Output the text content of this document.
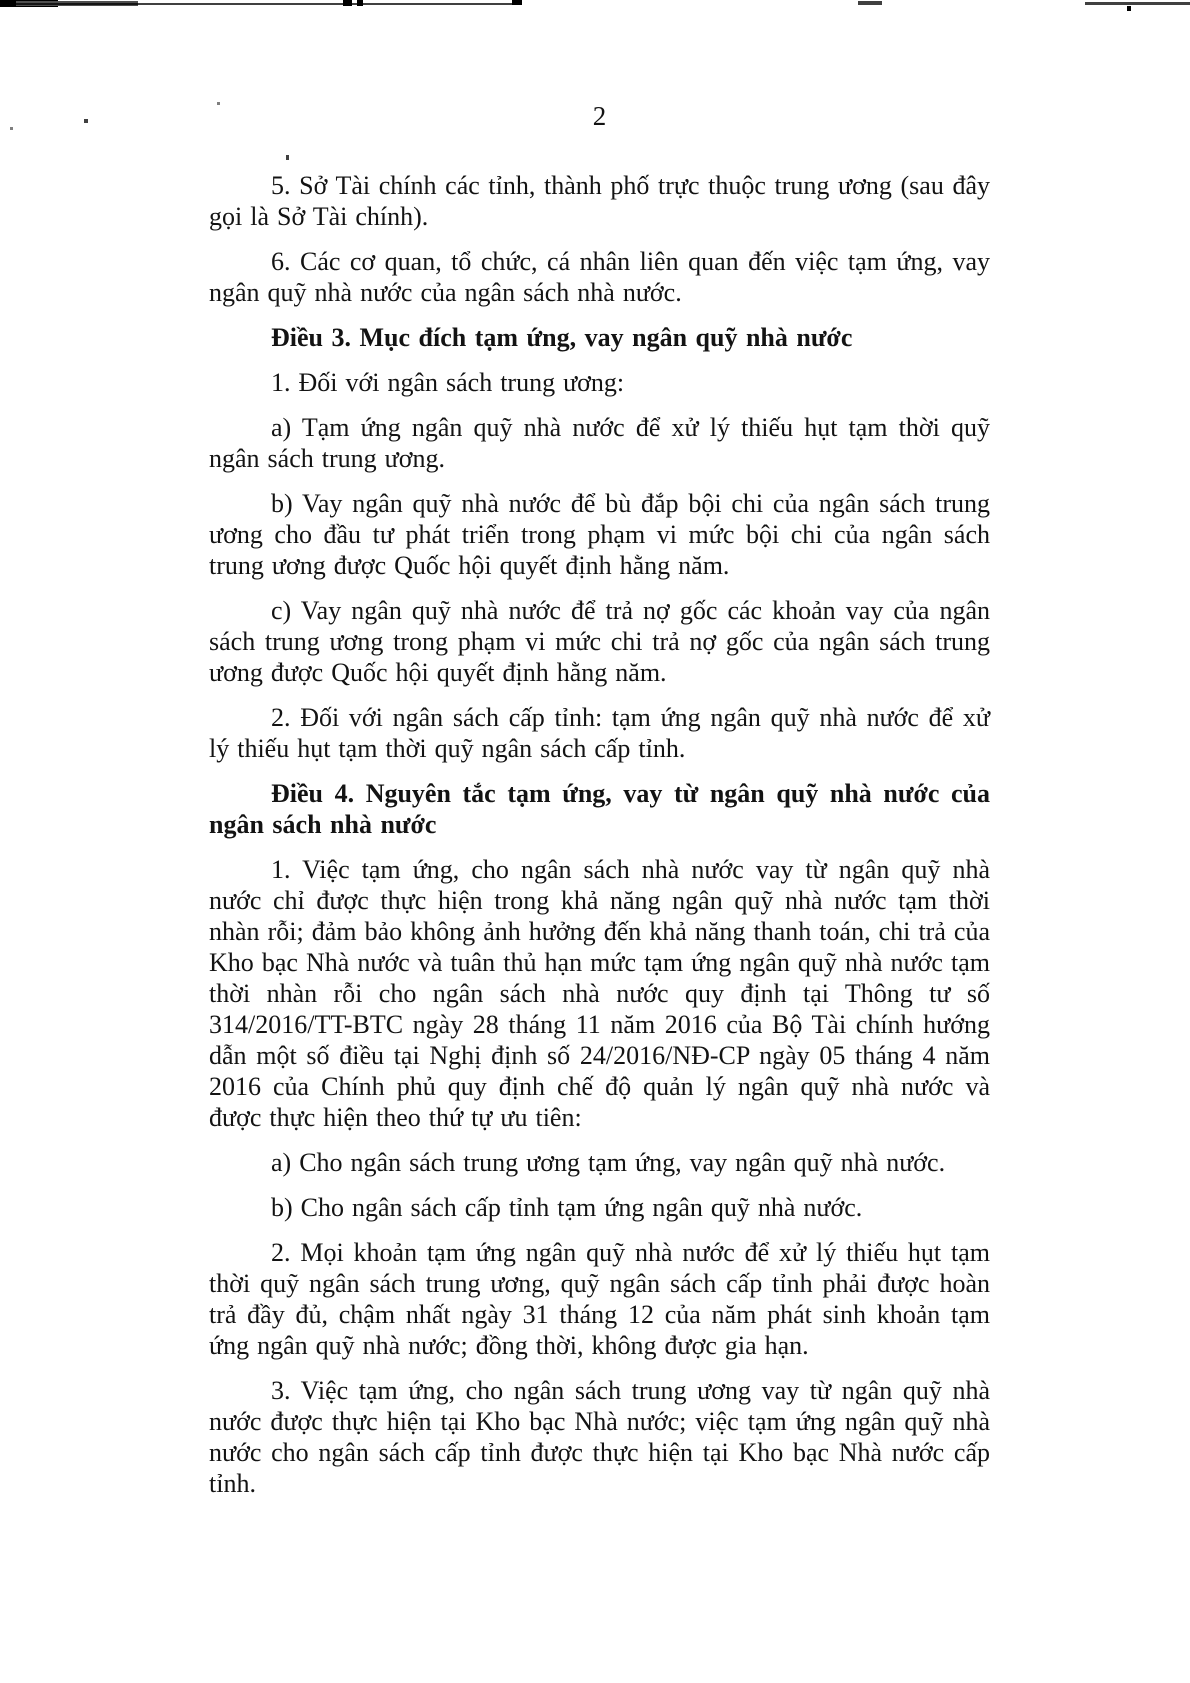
2

5. Sở Tài chính các tỉnh, thành phố trực thuộc trung ương (sau đây gọi là Sở Tài chính).

6. Các cơ quan, tổ chức, cá nhân liên quan đến việc tạm ứng, vay ngân quỹ nhà nước của ngân sách nhà nước.

Điều 3. Mục đích tạm ứng, vay ngân quỹ nhà nước

1. Đối với ngân sách trung ương:

a) Tạm ứng ngân quỹ nhà nước để xử lý thiếu hụt tạm thời quỹ ngân sách trung ương.

b) Vay ngân quỹ nhà nước để bù đắp bội chi của ngân sách trung ương cho đầu tư phát triển trong phạm vi mức bội chi của ngân sách trung ương được Quốc hội quyết định hằng năm.

c) Vay ngân quỹ nhà nước để trả nợ gốc các khoản vay của ngân sách trung ương trong phạm vi mức chi trả nợ gốc của ngân sách trung ương được Quốc hội quyết định hằng năm.

2. Đối với ngân sách cấp tỉnh: tạm ứng ngân quỹ nhà nước để xử lý thiếu hụt tạm thời quỹ ngân sách cấp tỉnh.

Điều 4. Nguyên tắc tạm ứng, vay từ ngân quỹ nhà nước của ngân sách nhà nước

1. Việc tạm ứng, cho ngân sách nhà nước vay từ ngân quỹ nhà nước chỉ được thực hiện trong khả năng ngân quỹ nhà nước tạm thời nhàn rỗi; đảm bảo không ảnh hưởng đến khả năng thanh toán, chi trả của Kho bạc Nhà nước và tuân thủ hạn mức tạm ứng ngân quỹ nhà nước tạm thời nhàn rỗi cho ngân sách nhà nước quy định tại Thông tư số 314/2016/TT-BTC ngày 28 tháng 11 năm 2016 của Bộ Tài chính hướng dẫn một số điều tại Nghị định số 24/2016/NĐ-CP ngày 05 tháng 4 năm 2016 của Chính phủ quy định chế độ quản lý ngân quỹ nhà nước và được thực hiện theo thứ tự ưu tiên:

a) Cho ngân sách trung ương tạm ứng, vay ngân quỹ nhà nước.

b) Cho ngân sách cấp tỉnh tạm ứng ngân quỹ nhà nước.

2. Mọi khoản tạm ứng ngân quỹ nhà nước để xử lý thiếu hụt tạm thời quỹ ngân sách trung ương, quỹ ngân sách cấp tỉnh phải được hoàn trả đầy đủ, chậm nhất ngày 31 tháng 12 của năm phát sinh khoản tạm ứng ngân quỹ nhà nước; đồng thời, không được gia hạn.

3. Việc tạm ứng, cho ngân sách trung ương vay từ ngân quỹ nhà nước được thực hiện tại Kho bạc Nhà nước; việc tạm ứng ngân quỹ nhà nước cho ngân sách cấp tỉnh được thực hiện tại Kho bạc Nhà nước cấp tỉnh.
